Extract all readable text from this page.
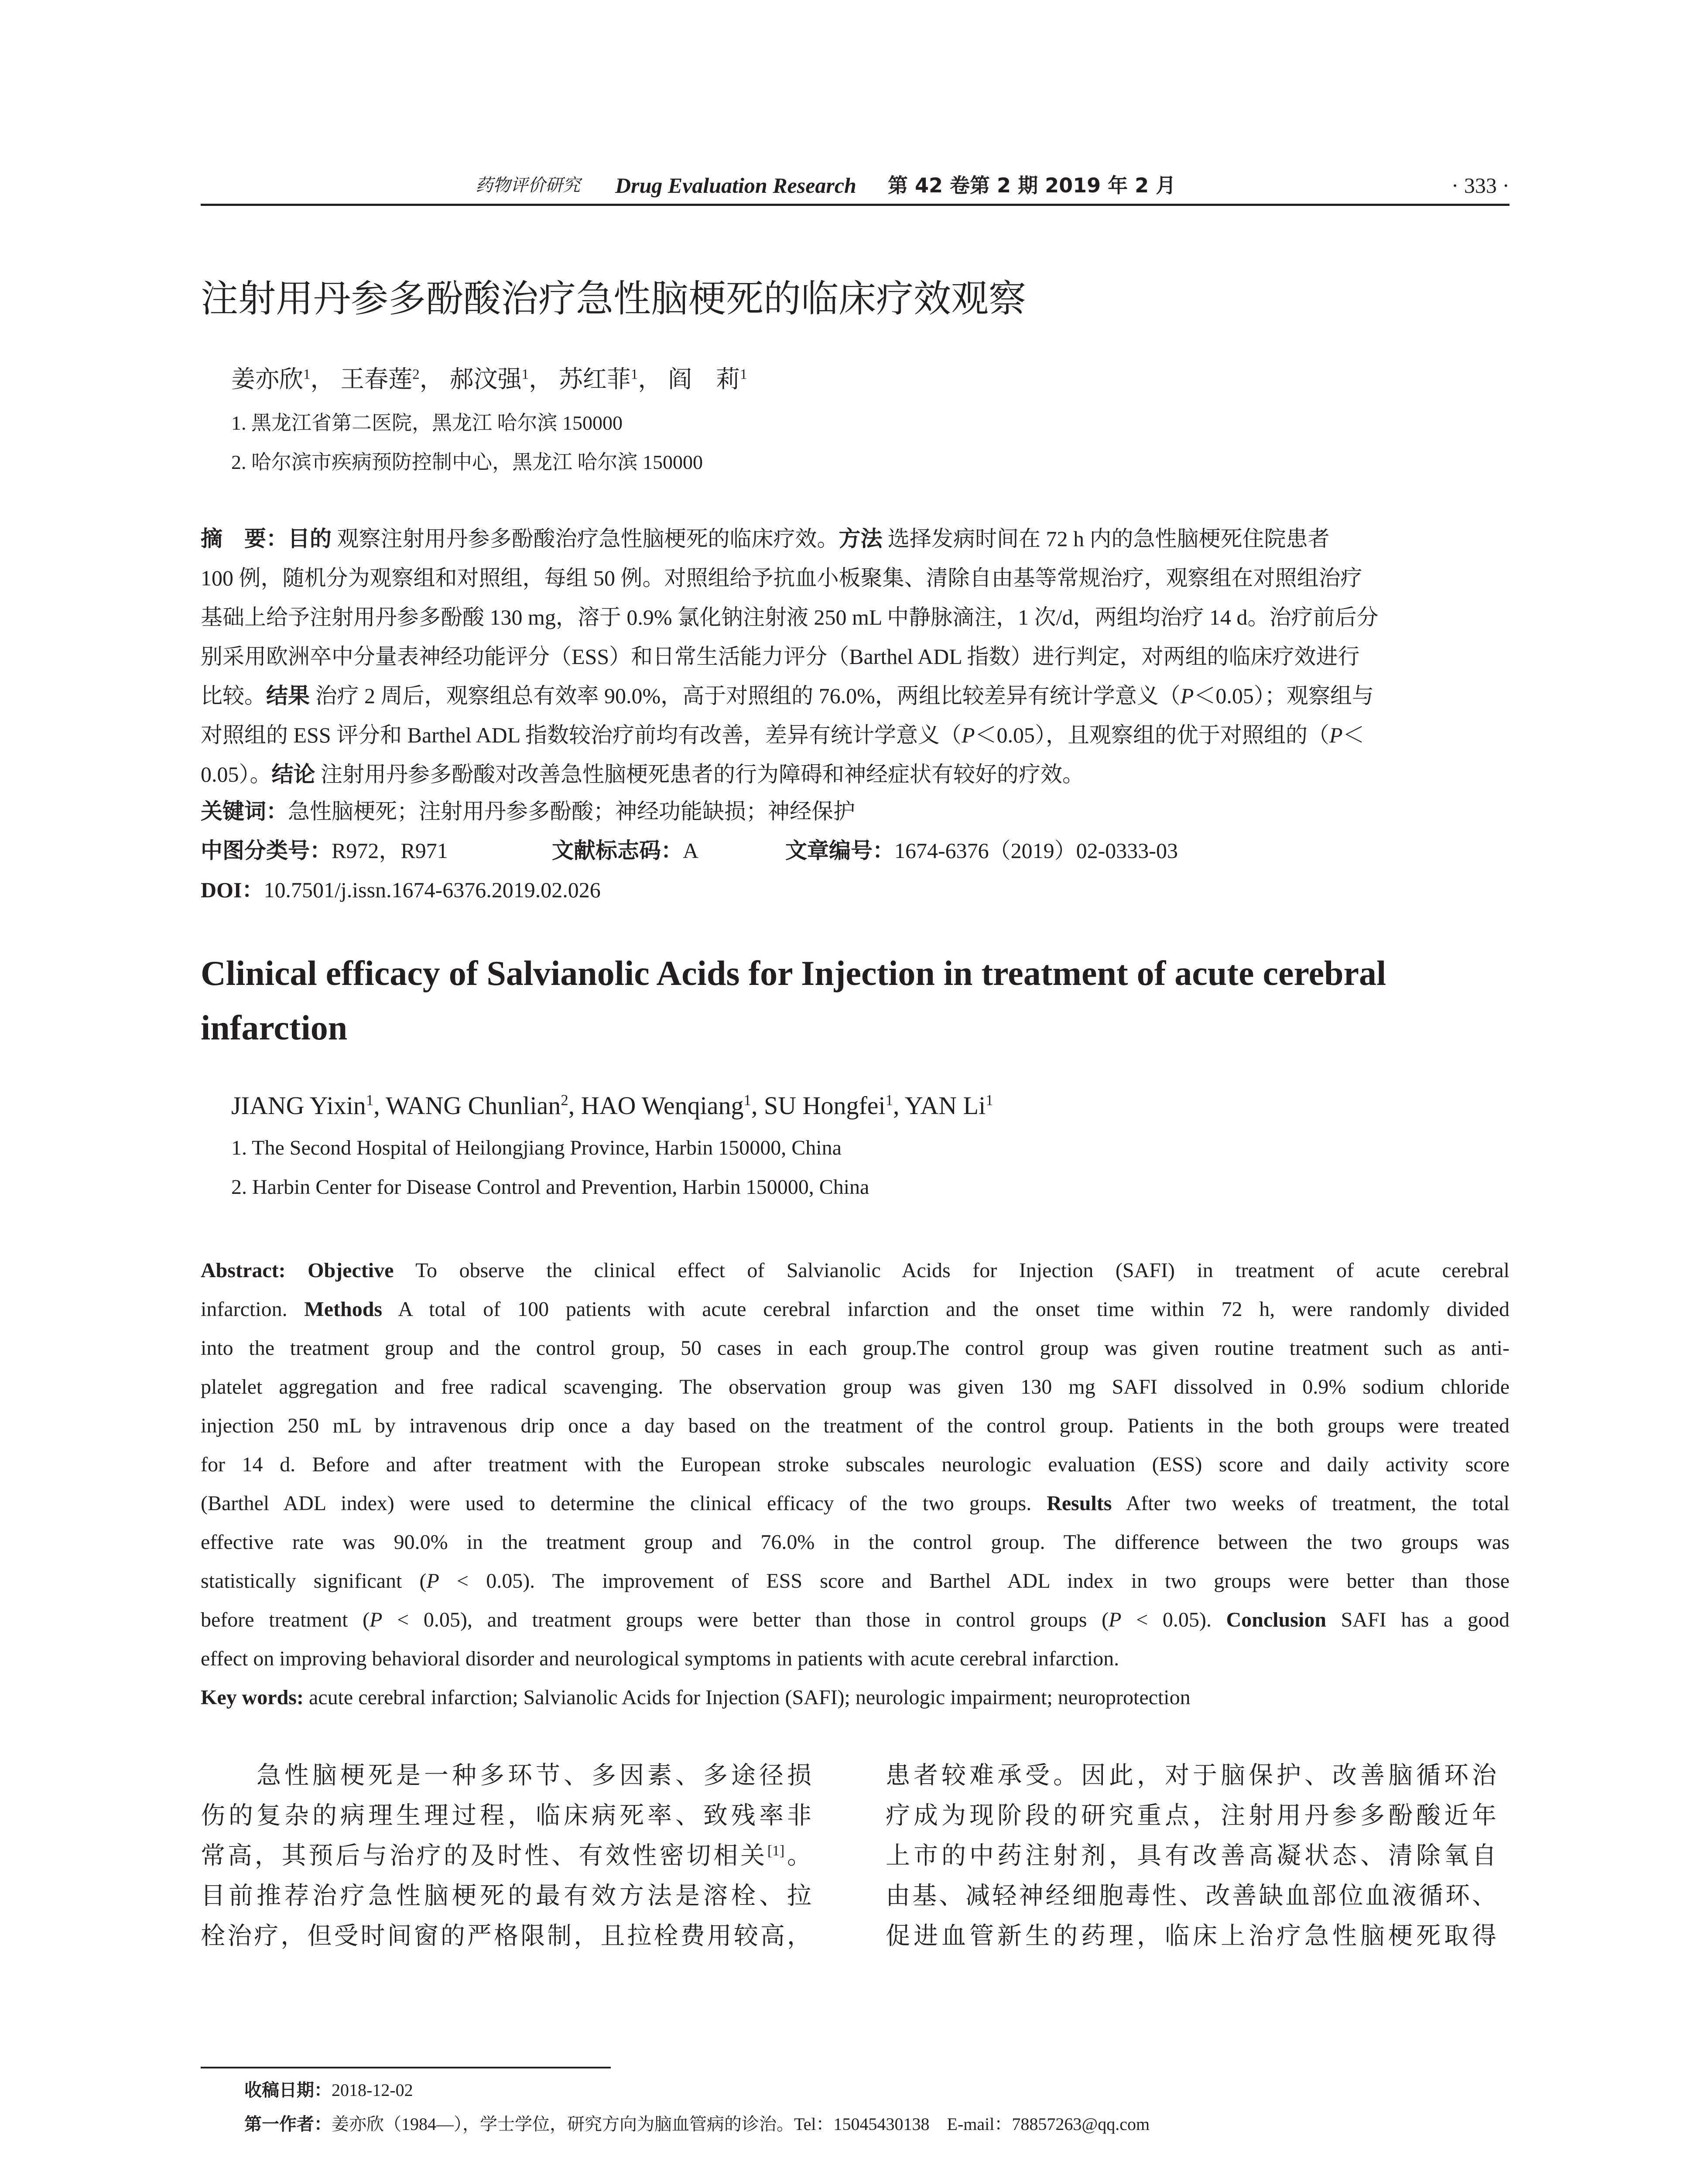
药物评价研究 Drug Evaluation Research 第 42 卷第 2 期 2019 年 2 月	· 333 ·
注射用丹参多酚酸治疗急性脑梗死的临床疗效观察
姜亦欣$^1$， 王春莲$^2$， 郝汶强$^1$， 苏红菲$^1$， 阎　莉$^1$
1. 黑龙江省第二医院，黑龙江 哈尔滨 150000
2. 哈尔滨市疾病预防控制中心，黑龙江 哈尔滨 150000
摘　要：目的 观察注射用丹参多酚酸治疗急性脑梗死的临床疗效。方法 选择发病时间在 72 h 内的急性脑梗死住院患者
100 例，随机分为观察组和对照组，每组 50 例。对照组给予抗血小板聚集、清除自由基等常规治疗，观察组在对照组治疗
基础上给予注射用丹参多酚酸 130 mg，溶于 0.9% 氯化钠注射液 250 mL 中静脉滴注，1 次/d，两组均治疗 14 d。治疗前后分
别采用欧洲卒中分量表神经功能评分（ESS）和日常生活能力评分（Barthel ADL 指数）进行判定，对两组的临床疗效进行
比较。结果 治疗 2 周后，观察组总有效率 90.0%，高于对照组的 76.0%，两组比较差异有统计学意义（P＜0.05）；观察组与
对照组的 ESS 评分和 Barthel ADL 指数较治疗前均有改善，差异有统计学意义（P＜0.05），且观察组的优于对照组的（P＜
0.05）。结论 注射用丹参多酚酸对改善急性脑梗死患者的行为障碍和神经症状有较好的疗效。
关键词：急性脑梗死；注射用丹参多酚酸；神经功能缺损；神经保护
中图分类号：R972，R971	文献标志码：A	文章编号：1674-6376（2019）02-0333-03
DOI：10.7501/j.issn.1674-6376.2019.02.026
Clinical efficacy of Salvianolic Acids for Injection in treatment of acute cerebral infarction
JIANG Yixin$^1$, WANG Chunlian$^2$, HAO Wenqiang$^1$, SU Hongfei$^1$, YAN Li$^1$
1. The Second Hospital of Heilongjiang Province, Harbin 150000, China
2. Harbin Center for Disease Control and Prevention, Harbin 150000, China
Abstract: Objective To observe the clinical effect of Salvianolic Acids for Injection (SAFI) in treatment of acute cerebral
infarction. Methods A total of 100 patients with acute cerebral infarction and the onset time within 72 h, were randomly divided
into the treatment group and the control group, 50 cases in each group.The control group was given routine treatment such as anti-
platelet aggregation and free radical scavenging. The observation group was given 130 mg SAFI dissolved in 0.9% sodium chloride
injection 250 mL by intravenous drip once a day based on the treatment of the control group. Patients in the both groups were treated
for 14 d. Before and after treatment with the European stroke subscales neurologic evaluation (ESS) score and daily activity score
(Barthel ADL index) were used to determine the clinical efficacy of the two groups. Results After two weeks of treatment, the total
effective rate was 90.0% in the treatment group and 76.0% in the control group. The difference between the two groups was
statistically significant (P < 0.05). The improvement of ESS score and Barthel ADL index in two groups were better than those
before treatment (P < 0.05), and treatment groups were better than those in control groups (P < 0.05). Conclusion SAFI has a good
effect on improving behavioral disorder and neurological symptoms in patients with acute cerebral infarction.
Key words: acute cerebral infarction; Salvianolic Acids for Injection (SAFI); neurologic impairment; neuroprotection
　　急性脑梗死是一种多环节、多因素、多途径损
伤的复杂的病理生理过程，临床病死率、致残率非
常高，其预后与治疗的及时性、有效性密切相关[1]。
目前推荐治疗急性脑梗死的最有效方法是溶栓、拉
栓治疗，但受时间窗的严格限制，且拉栓费用较高，
患者较难承受。因此，对于脑保护、改善脑循环治
疗成为现阶段的研究重点，注射用丹参多酚酸近年
上市的中药注射剂，具有改善高凝状态、清除氧自
由基、减轻神经细胞毒性、改善缺血部位血液循环、
促进血管新生的药理，临床上治疗急性脑梗死取得
收稿日期：2018-12-02
第一作者：姜亦欣（1984—），学士学位，研究方向为脑血管病的诊治。Tel：15045430138　E-mail：78857263@qq.com
